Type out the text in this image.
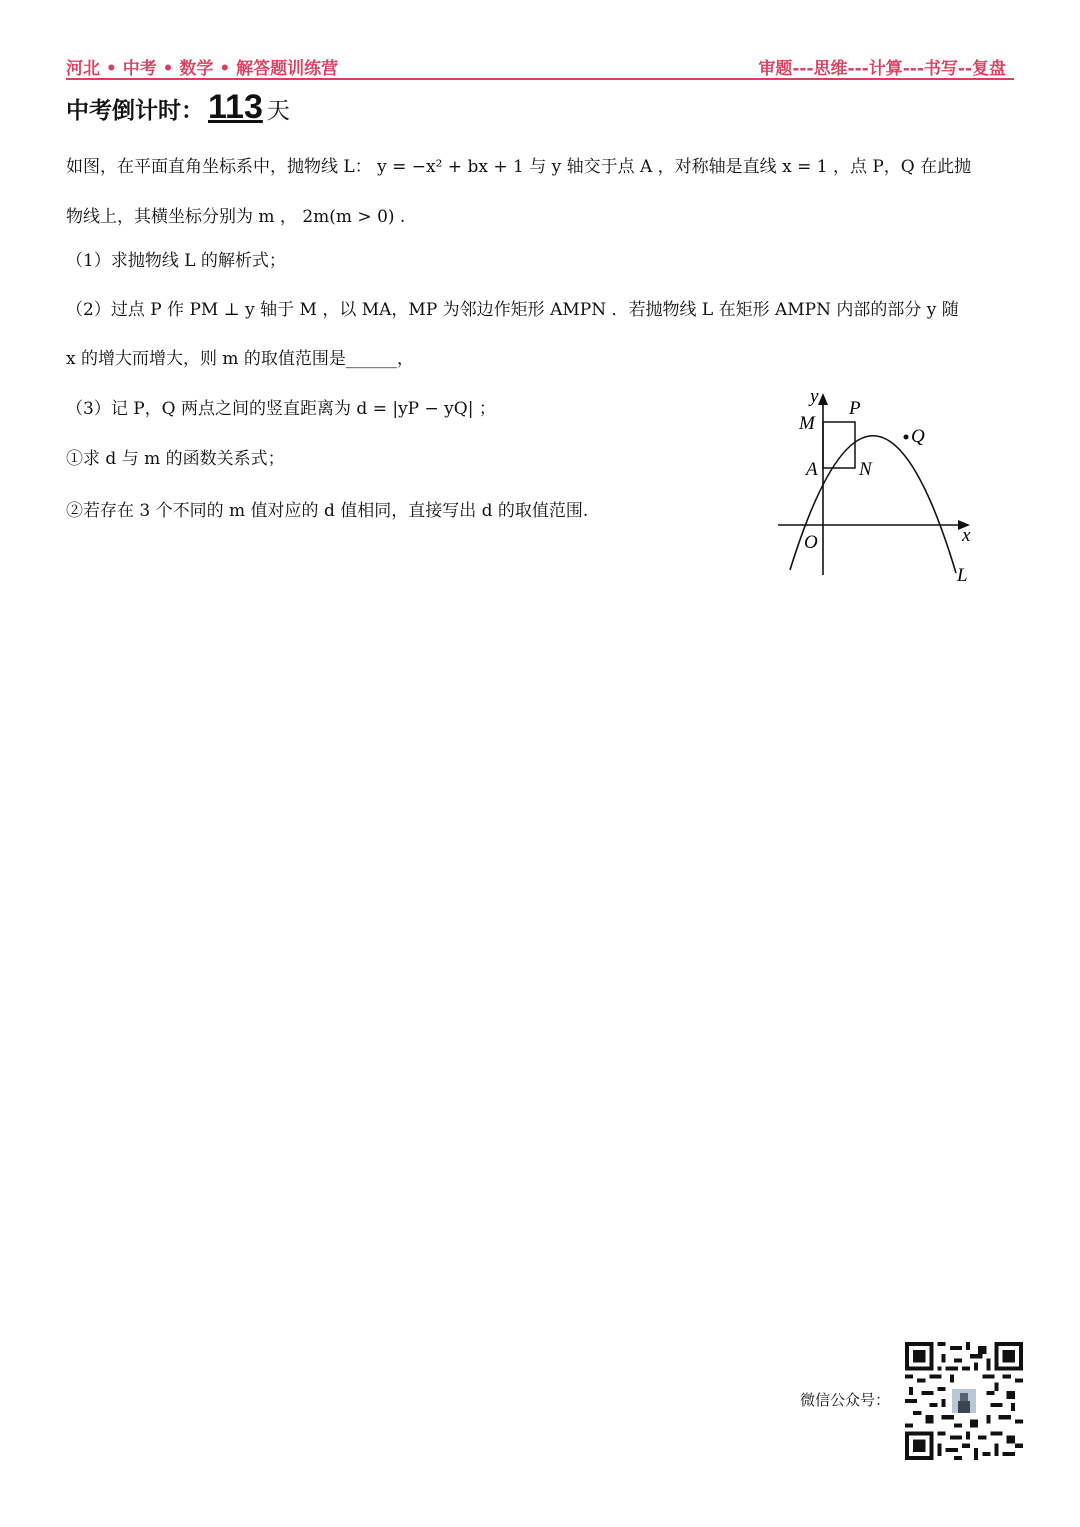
河北 • 中考 • 数学 • 解答题训练营	审题---思维---计算---书写--复盘
中考倒计时： 113 天
如图，在平面直角坐标系中，抛物线 L： y = −x² + bx + 1 与 y 轴交于点 A ，对称轴是直线 x = 1 ，点 P，Q 在此抛
物线上，其横坐标分别为 m ， 2m(m > 0) .
（1）求抛物线 L 的解析式；
（2）过点 P 作 PM ⊥ y 轴于 M ，以 MA，MP 为邻边作矩形 AMPN ．若抛物线 L 在矩形 AMPN 内部的部分 y 随
x 的增大而增大，则 m 的取值范围是______，
（3）记 P，Q 两点之间的竖直距离为 d = |yP − yQ| ；
①求 d 与 m 的函数关系式；
②若存在 3 个不同的 m 值对应的 d 值相同，直接写出 d 的取值范围.
y
x
O
M
P
Q
A N
L
微信公众号：
